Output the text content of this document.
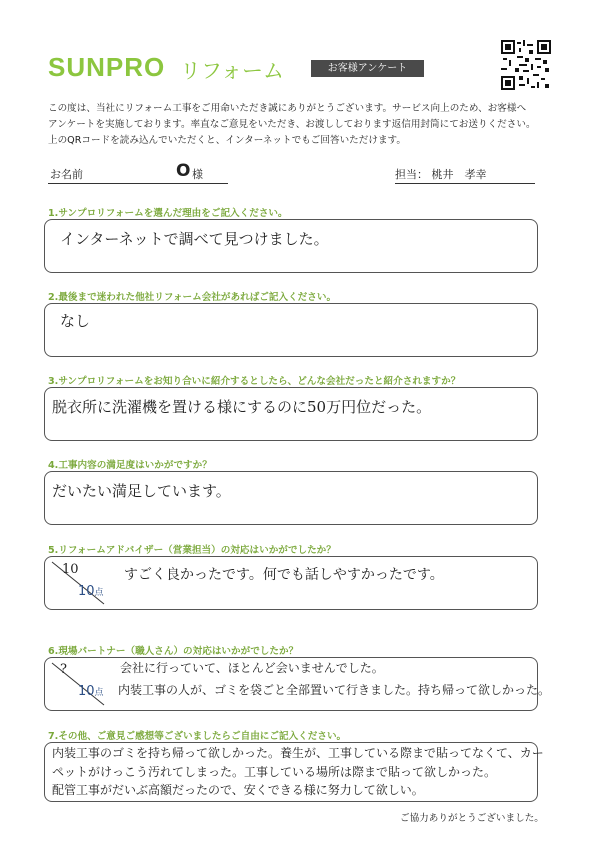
SUNPRO リフォーム	お客様アンケート
この度は、当社にリフォーム工事をご用命いただき誠にありがとうございます。サービス向上のため、お客様へ
アンケートを実施しております。率直なご意見をいただき、お渡ししております返信用封筒にてお送りください。
上のQRコードを読み込んでいただくと、インターネットでもご回答いただけます。
お名前	O 様	担当： 桃井　孝幸
1.サンプロリフォームを選んだ理由をご記入ください。
インターネットで調べて見つけました。
2.最後まで迷われた他社リフォーム会社があればご記入ください。
なし
3.サンプロリフォームをお知り合いに紹介するとしたら、どんな会社だったと紹介されますか？
脱衣所に洗濯機を置ける様にするのに50万円位だった。
4.工事内容の満足度はいかがですか？
だいたい満足しています。
5.リフォームアドバイザー（営業担当）の対応はいかがでしたか？
10
10点
すごく良かったです。何でも話しやすかったです。
6.現場パートナー（職人さん）の対応はいかがでしたか？
?
10点
会社に行っていて、ほとんど会いませんでした。
内装工事の人が、ゴミを袋ごと全部置いて行きました。持ち帰って欲しかった。
7.その他、ご意見ご感想等ございましたらご自由にご記入ください。
内装工事のゴミを持ち帰って欲しかった。養生が、工事している際まで貼ってなくて、カー
ペットがけっこう汚れてしまった。工事している場所は際まで貼って欲しかった。
配管工事がだいぶ高額だったので、安くできる様に努力して欲しい。
ご協力ありがとうございました。
